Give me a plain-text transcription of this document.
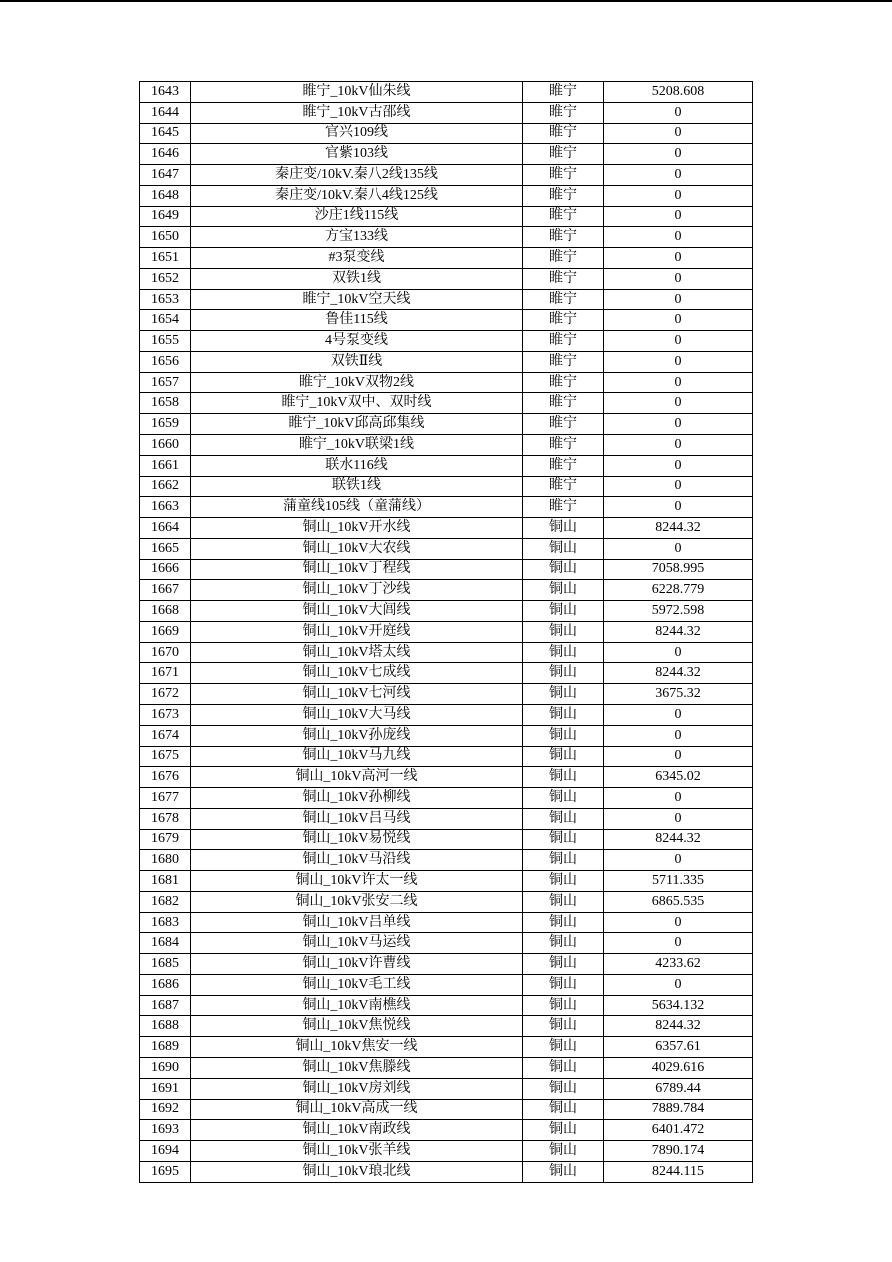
1643	睢宁_10kV仙朱线	睢宁	5208.608
1644	睢宁_10kV古邵线	睢宁	0
1645	官兴109线	睢宁	0
1646	官紫103线	睢宁	0
1647	秦庄变/10kV.秦八2线135线	睢宁	0
1648	秦庄变/10kV.秦八4线125线	睢宁	0
1649	沙庄1线115线	睢宁	0
1650	方宝133线	睢宁	0
1651	#3泵变线	睢宁	0
1652	双铁1线	睢宁	0
1653	睢宁_10kV空天线	睢宁	0
1654	鲁佳115线	睢宁	0
1655	4号泵变线	睢宁	0
1656	双铁Ⅱ线	睢宁	0
1657	睢宁_10kV双物2线	睢宁	0
1658	睢宁_10kV双中、双时线	睢宁	0
1659	睢宁_10kV邱高邱集线	睢宁	0
1660	睢宁_10kV联梁1线	睢宁	0
1661	联水116线	睢宁	0
1662	联铁1线	睢宁	0
1663	蒲童线105线（童蒲线）	睢宁	0
1664	铜山_10kV开水线	铜山	8244.32
1665	铜山_10kV大农线	铜山	0
1666	铜山_10kV丁程线	铜山	7058.995
1667	铜山_10kV丁沙线	铜山	6228.779
1668	铜山_10kV大闾线	铜山	5972.598
1669	铜山_10kV开庭线	铜山	8244.32
1670	铜山_10kV塔太线	铜山	0
1671	铜山_10kV七成线	铜山	8244.32
1672	铜山_10kV七河线	铜山	3675.32
1673	铜山_10kV大马线	铜山	0
1674	铜山_10kV孙庞线	铜山	0
1675	铜山_10kV马九线	铜山	0
1676	铜山_10kV高河一线	铜山	6345.02
1677	铜山_10kV孙柳线	铜山	0
1678	铜山_10kV吕马线	铜山	0
1679	铜山_10kV易悦线	铜山	8244.32
1680	铜山_10kV马沿线	铜山	0
1681	铜山_10kV许太一线	铜山	5711.335
1682	铜山_10kV张安二线	铜山	6865.535
1683	铜山_10kV吕单线	铜山	0
1684	铜山_10kV马运线	铜山	0
1685	铜山_10kV许曹线	铜山	4233.62
1686	铜山_10kV毛工线	铜山	0
1687	铜山_10kV南樵线	铜山	5634.132
1688	铜山_10kV焦悦线	铜山	8244.32
1689	铜山_10kV焦安一线	铜山	6357.61
1690	铜山_10kV焦滕线	铜山	4029.616
1691	铜山_10kV房刘线	铜山	6789.44
1692	铜山_10kV高成一线	铜山	7889.784
1693	铜山_10kV南政线	铜山	6401.472
1694	铜山_10kV张羊线	铜山	7890.174
1695	铜山_10kV琅北线	铜山	8244.115
